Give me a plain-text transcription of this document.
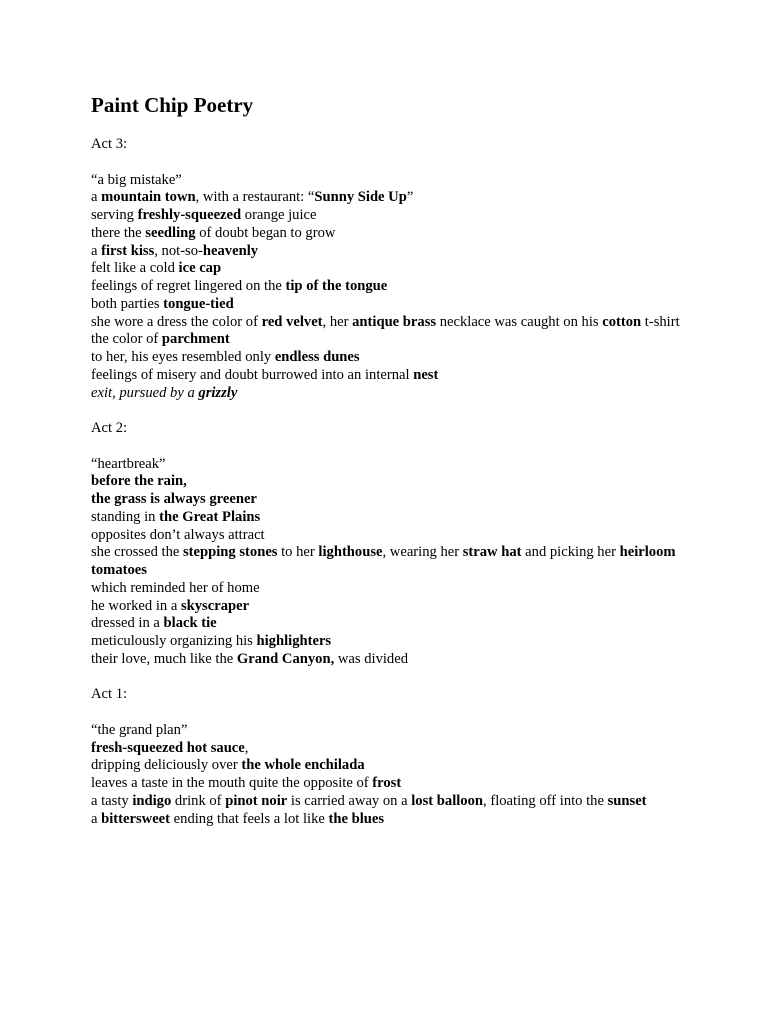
Paint Chip Poetry
Act 3:
“a big mistake”
a mountain town, with a restaurant: “Sunny Side Up”
serving freshly-squeezed orange juice
there the seedling of doubt began to grow
a first kiss, not-so-heavenly
felt like a cold ice cap
feelings of regret lingered on the tip of the tongue
both parties tongue-tied
she wore a dress the color of red velvet, her antique brass necklace was caught on his cotton t-shirt
the color of parchment
to her, his eyes resembled only endless dunes
feelings of misery and doubt burrowed into an internal nest
exit, pursued by a grizzly
Act 2:
“heartbreak”
before the rain,
the grass is always greener
standing in the Great Plains
opposites don’t always attract
she crossed the stepping stones to her lighthouse, wearing her straw hat and picking her heirloom tomatoes
which reminded her of home
he worked in a skyscraper
dressed in a black tie
meticulously organizing his highlighters
their love, much like the Grand Canyon, was divided
Act 1:
“the grand plan”
fresh-squeezed hot sauce,
dripping deliciously over the whole enchilada
leaves a taste in the mouth quite the opposite of frost
a tasty indigo drink of pinot noir is carried away on a lost balloon, floating off into the sunset
a bittersweet ending that feels a lot like the blues
